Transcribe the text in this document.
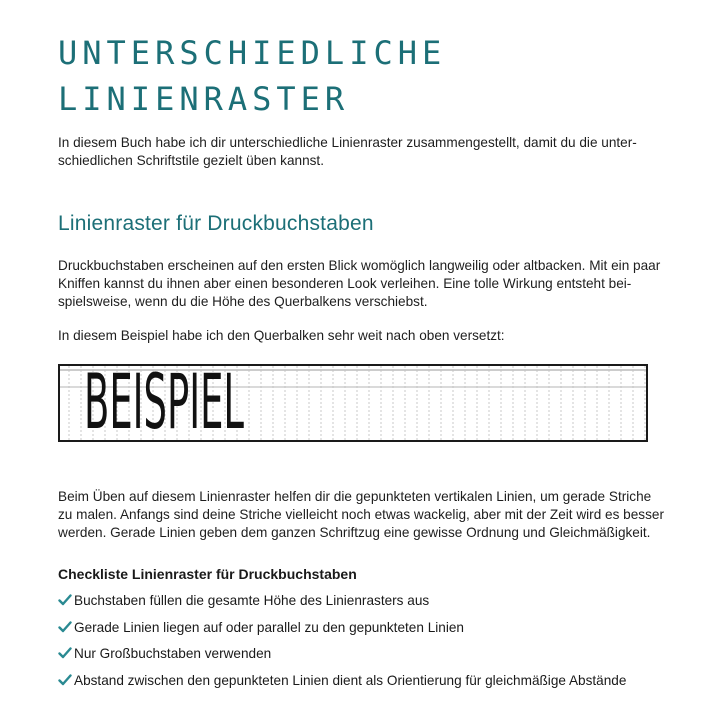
UNTERSCHIEDLICHE
LINIENRASTER

In diesem Buch habe ich dir unterschiedliche Linienraster zusammengestellt, damit du die unter-
schiedlichen Schriftstile gezielt üben kannst.

Linienraster für Druckbuchstaben

Druckbuchstaben erscheinen auf den ersten Blick womöglich langweilig oder altbacken. Mit ein paar
Kniffen kannst du ihnen aber einen besonderen Look verleihen. Eine tolle Wirkung entsteht bei-
spielsweise, wenn du die Höhe des Querbalkens verschiebst.

In diesem Beispiel habe ich den Querbalken sehr weit nach oben versetzt:

BEISPIEL

Beim Üben auf diesem Linienraster helfen dir die gepunkteten vertikalen Linien, um gerade Striche
zu malen. Anfangs sind deine Striche vielleicht noch etwas wackelig, aber mit der Zeit wird es besser
werden. Gerade Linien geben dem ganzen Schriftzug eine gewisse Ordnung und Gleichmäßigkeit.

Checkliste Linienraster für Druckbuchstaben
Buchstaben füllen die gesamte Höhe des Linienrasters aus
Gerade Linien liegen auf oder parallel zu den gepunkteten Linien
Nur Großbuchstaben verwenden
Abstand zwischen den gepunkteten Linien dient als Orientierung für gleichmäßige Abstände
